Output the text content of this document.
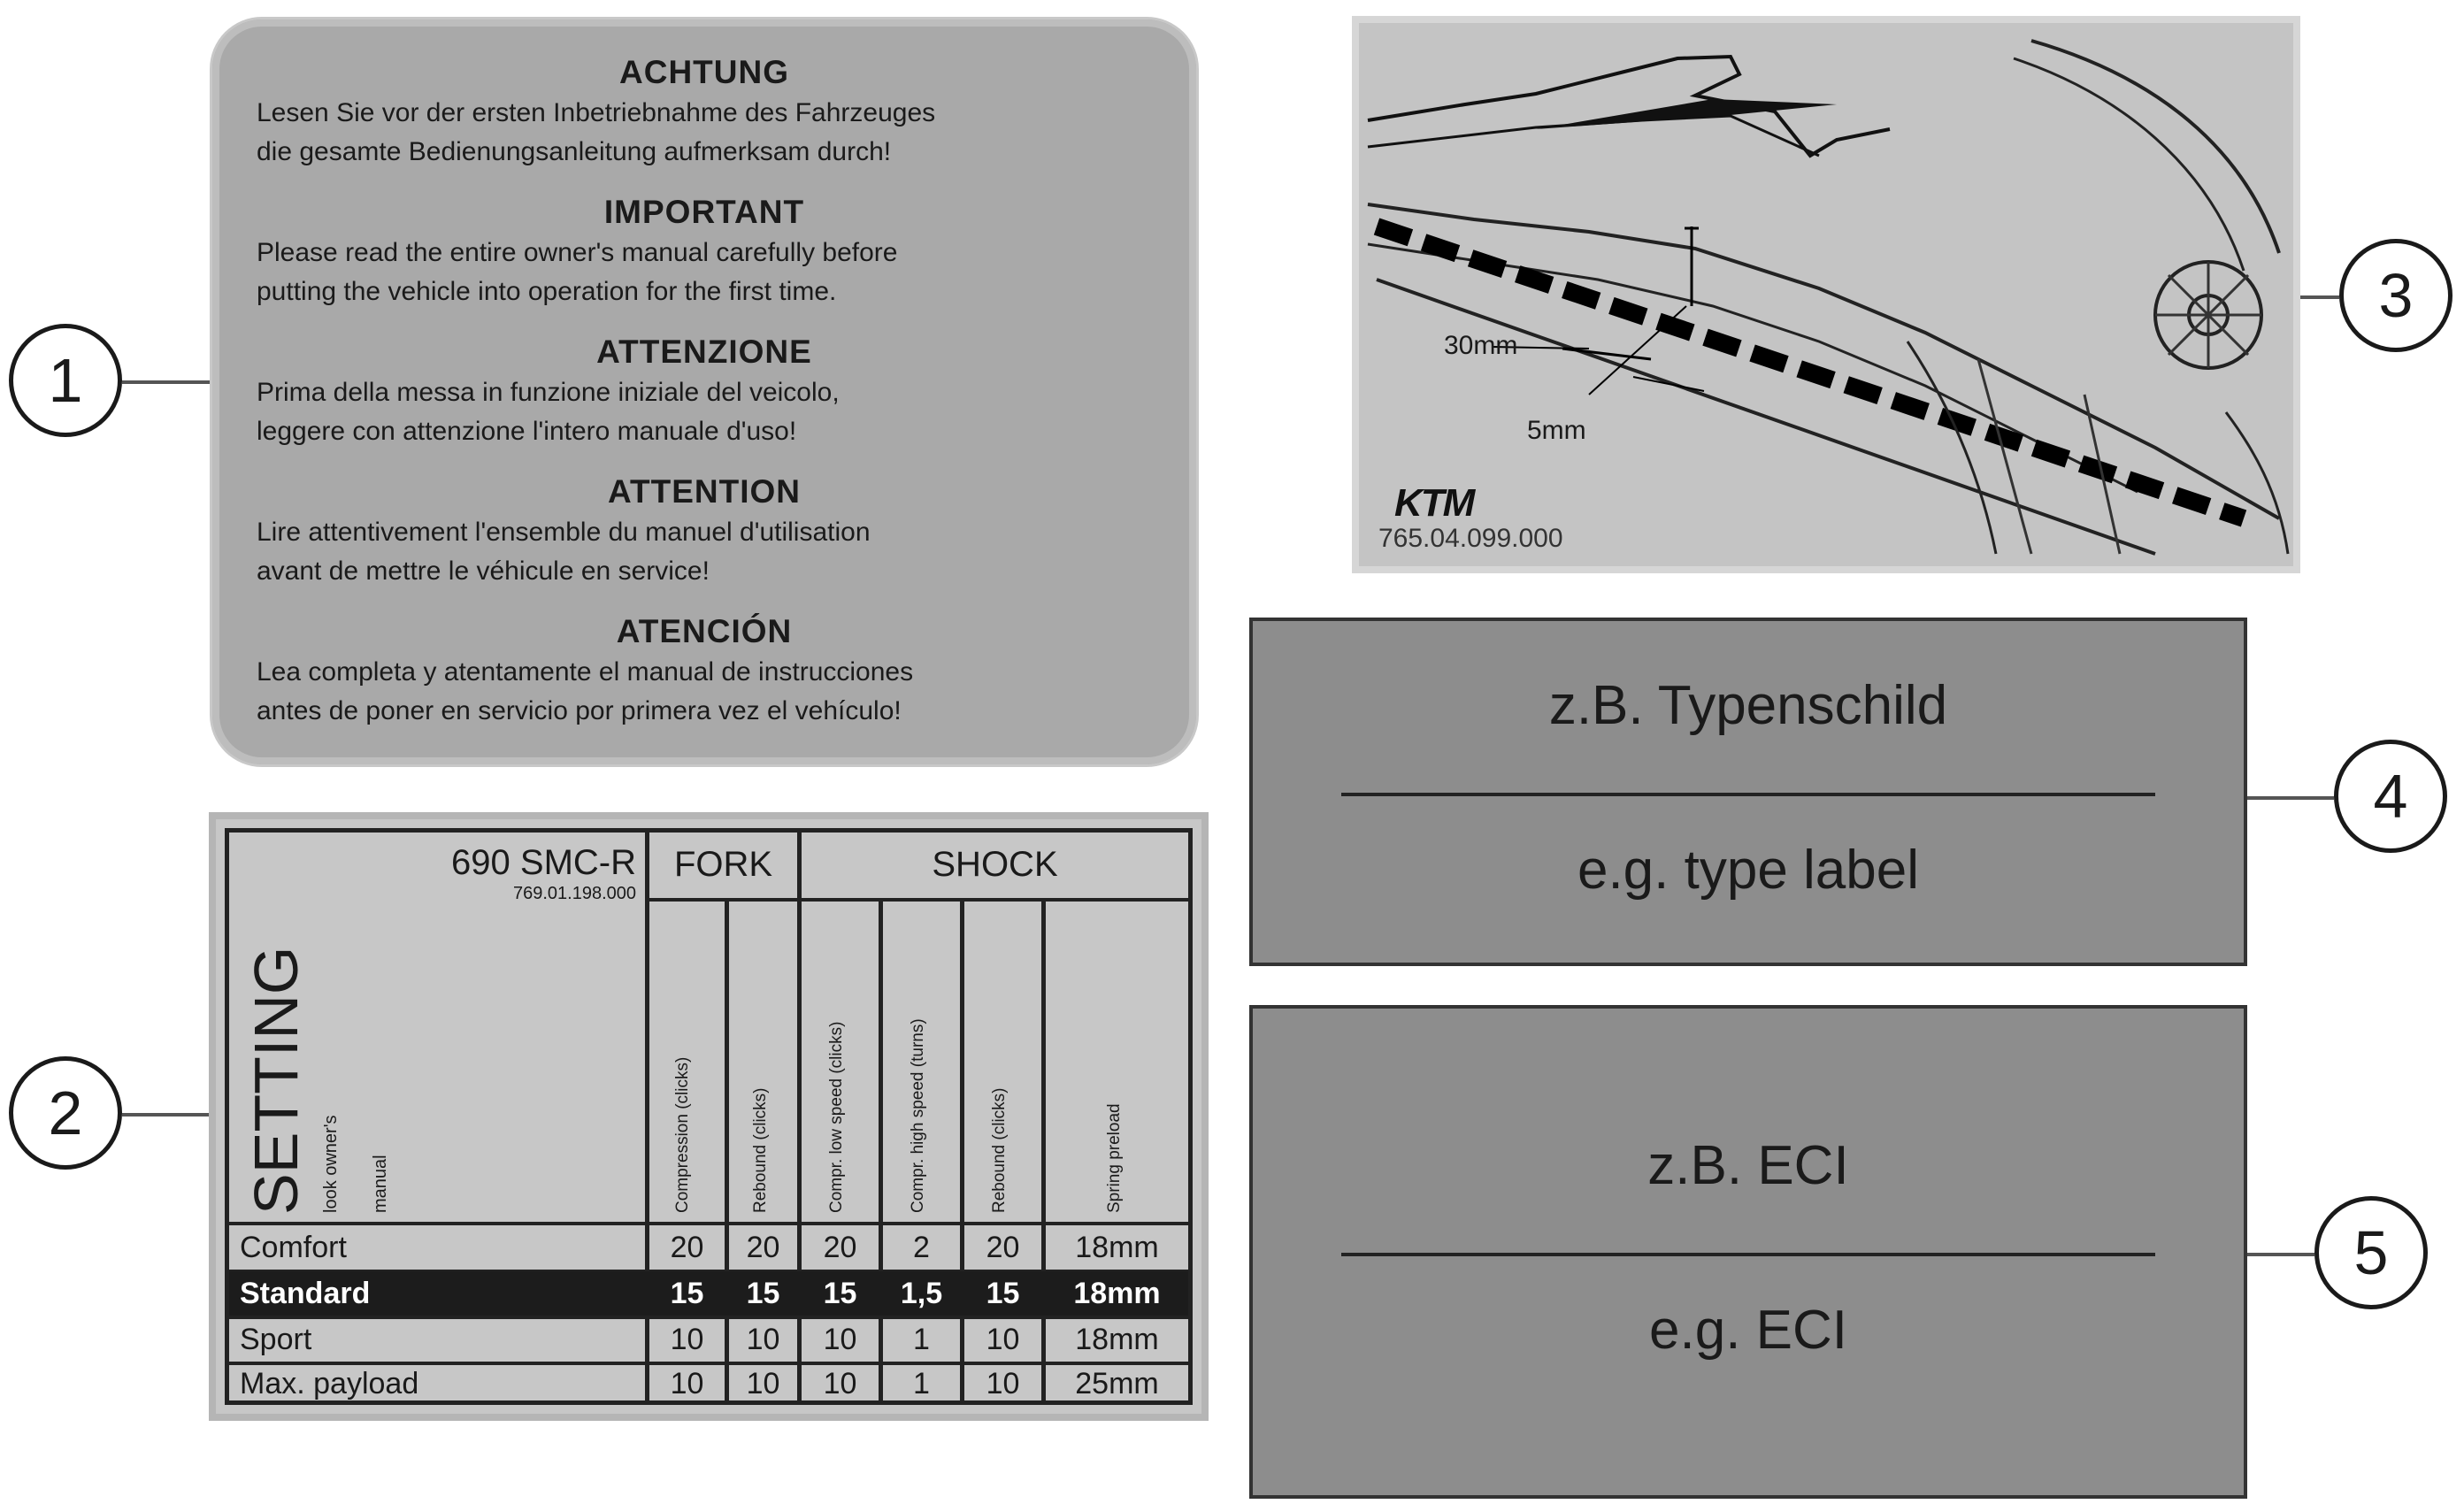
1
2
3
4
5
ACHTUNG

Lesen Sie vor der ersten Inbetriebnahme des Fahrzeuges
die gesamte Bedienungsanleitung aufmerksam durch!

IMPORTANT

Please read the entire owner's manual carefully before
putting the vehicle into operation for the first time.

ATTENZIONE

Prima della messa in funzione iniziale del veicolo,
leggere con attenzione l'intero manuale d'uso!

ATTENTION

Lire attentivement l'ensemble du manuel d'utilisation
avant de mettre le véhicule en service!

ATENCIÓN

Lea completa y atentamente el manual de instrucciones
antes de poner en servicio por primera vez el vehículo!

SETTING look owner's manual
690 SMC-R
769.01.198.000
FORK	SHOCK
Compression (clicks)	Rebound (clicks)	Compr. low speed (clicks)	Compr. high speed (turns)	Rebound (clicks)	Spring preload
Comfort	20	20	20	2	20	18mm
Standard	15	15	15	1,5	15	18mm
Sport	10	10	10	1	10	18mm
Max. payload	10	10	10	1	10	25mm
30mm
5mm
KTM
765.04.099.000
z.B. Typenschild
e.g. type label
z.B. ECI
e.g. ECI
